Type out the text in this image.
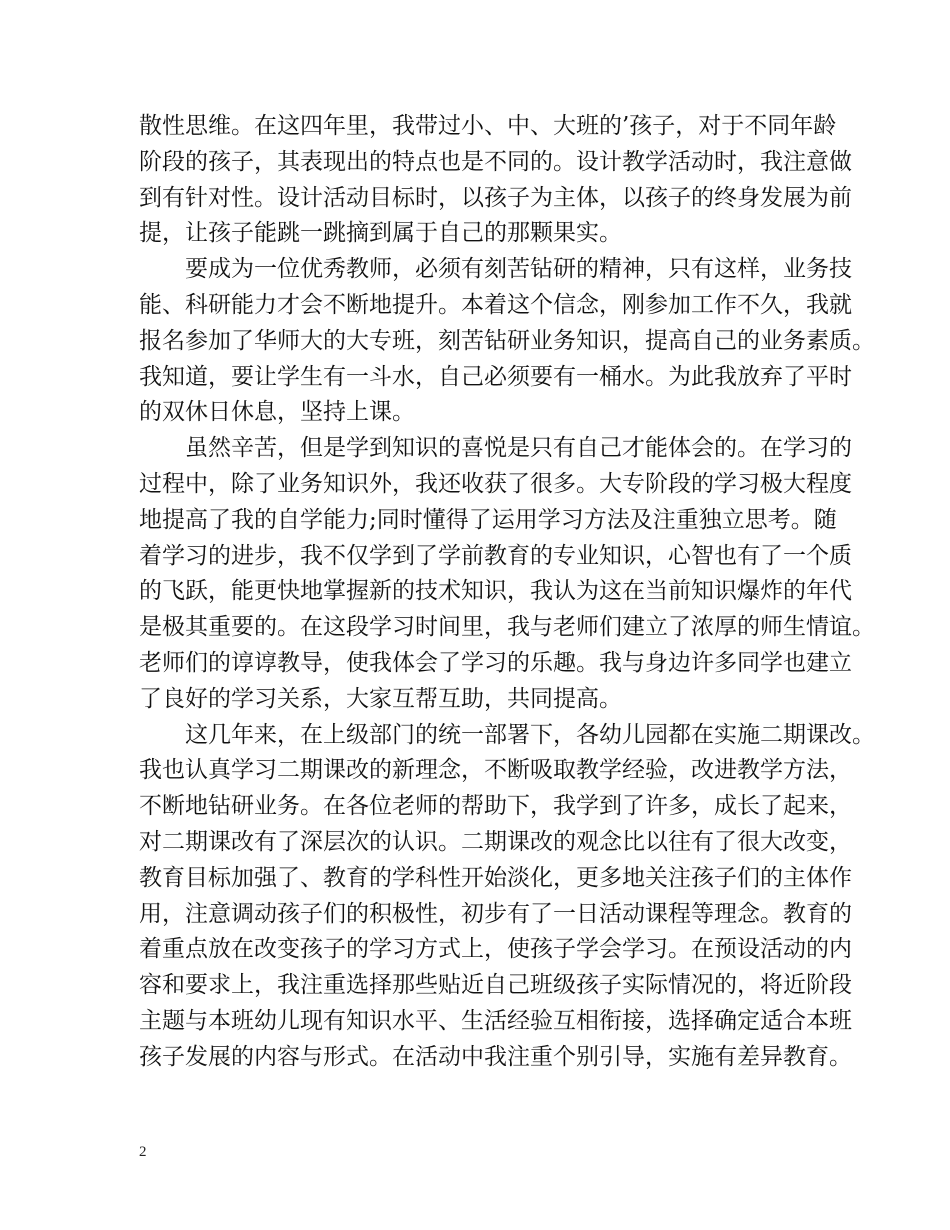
散性思维。在这四年里，我带过小、中、大班的’孩子，对于不同年龄
阶段的孩子，其表现出的特点也是不同的。设计教学活动时，我注意做
到有针对性。设计活动目标时，以孩子为主体，以孩子的终身发展为前
提，让孩子能跳一跳摘到属于自己的那颗果实。
　　要成为一位优秀教师，必须有刻苦钻研的精神，只有这样，业务技
能、科研能力才会不断地提升。本着这个信念，刚参加工作不久，我就
报名参加了华师大的大专班，刻苦钻研业务知识，提高自己的业务素质。
我知道，要让学生有一斗水，自己必须要有一桶水。为此我放弃了平时
的双休日休息，坚持上课。
　　虽然辛苦，但是学到知识的喜悦是只有自己才能体会的。在学习的
过程中，除了业务知识外，我还收获了很多。大专阶段的学习极大程度
地提高了我的自学能力;同时懂得了运用学习方法及注重独立思考。随
着学习的进步，我不仅学到了学前教育的专业知识，心智也有了一个质
的飞跃，能更快地掌握新的技术知识，我认为这在当前知识爆炸的年代
是极其重要的。在这段学习时间里，我与老师们建立了浓厚的师生情谊。
老师们的谆谆教导，使我体会了学习的乐趣。我与身边许多同学也建立
了良好的学习关系，大家互帮互助，共同提高。
　　这几年来，在上级部门的统一部署下，各幼儿园都在实施二期课改。
我也认真学习二期课改的新理念，不断吸取教学经验，改进教学方法，
不断地钻研业务。在各位老师的帮助下，我学到了许多，成长了起来，
对二期课改有了深层次的认识。二期课改的观念比以往有了很大改变，
教育目标加强了、教育的学科性开始淡化，更多地关注孩子们的主体作
用，注意调动孩子们的积极性，初步有了一日活动课程等理念。教育的
着重点放在改变孩子的学习方式上，使孩子学会学习。在预设活动的内
容和要求上，我注重选择那些贴近自己班级孩子实际情况的，将近阶段
主题与本班幼儿现有知识水平、生活经验互相衔接，选择确定适合本班
孩子发展的内容与形式。在活动中我注重个别引导，实施有差异教育。
2
